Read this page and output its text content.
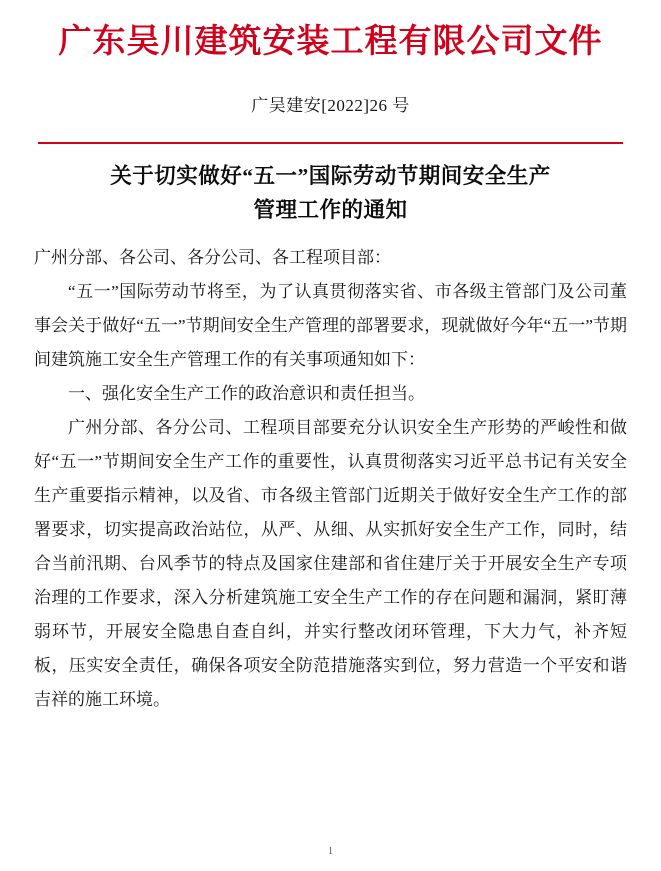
广东吴川建筑安装工程有限公司文件
广吴建安[2022]26 号
关于切实做好“五一”国际劳动节期间安全生产
管理工作的通知

广州分部、各公司、各分公司、各工程项目部：

“五一”国际劳动节将至，为了认真贯彻落实省、市各级主管部门及公司董事会关于做好“五一”节期间安全生产管理的部署要求，现就做好今年“五一”节期间建筑施工安全生产管理工作的有关事项通知如下：

一、强化安全生产工作的政治意识和责任担当。

广州分部、各分公司、工程项目部要充分认识安全生产形势的严峻性和做好“五一”节期间安全生产工作的重要性，认真贯彻落实习近平总书记有关安全生产重要指示精神，以及省、市各级主管部门近期关于做好安全生产工作的部署要求，切实提高政治站位，从严、从细、从实抓好安全生产工作，同时，结合当前汛期、台风季节的特点及国家住建部和省住建厅关于开展安全生产专项治理的工作要求，深入分析建筑施工安全生产工作的存在问题和漏洞，紧盯薄弱环节，开展安全隐患自查自纠，并实行整改闭环管理，下大力气，补齐短板，压实安全责任，确保各项安全防范措施落实到位，努力营造一个平安和谐吉祥的施工环境。

1
